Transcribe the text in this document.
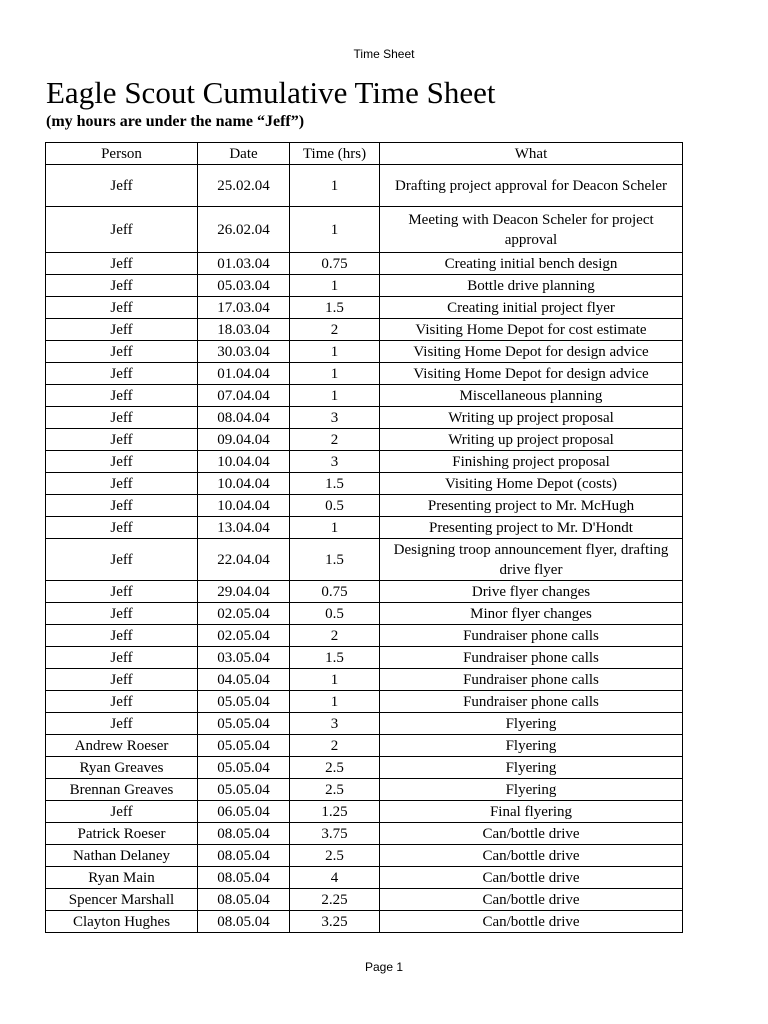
Time Sheet
Eagle Scout Cumulative Time Sheet
(my hours are under the name “Jeff”)
Person	Date	Time (hrs)	What
Jeff	25.02.04	1	Drafting project approval for Deacon Scheler
Jeff	26.02.04	1	Meeting with Deacon Scheler for project approval
Jeff	01.03.04	0.75	Creating initial bench design
Jeff	05.03.04	1	Bottle drive planning
Jeff	17.03.04	1.5	Creating initial project flyer
Jeff	18.03.04	2	Visiting Home Depot for cost estimate
Jeff	30.03.04	1	Visiting Home Depot for design advice
Jeff	01.04.04	1	Visiting Home Depot for design advice
Jeff	07.04.04	1	Miscellaneous planning
Jeff	08.04.04	3	Writing up project proposal
Jeff	09.04.04	2	Writing up project proposal
Jeff	10.04.04	3	Finishing project proposal
Jeff	10.04.04	1.5	Visiting Home Depot (costs)
Jeff	10.04.04	0.5	Presenting project to Mr. McHugh
Jeff	13.04.04	1	Presenting project to Mr. D'Hondt
Jeff	22.04.04	1.5	Designing troop announcement flyer, drafting drive flyer
Jeff	29.04.04	0.75	Drive flyer changes
Jeff	02.05.04	0.5	Minor flyer changes
Jeff	02.05.04	2	Fundraiser phone calls
Jeff	03.05.04	1.5	Fundraiser phone calls
Jeff	04.05.04	1	Fundraiser phone calls
Jeff	05.05.04	1	Fundraiser phone calls
Jeff	05.05.04	3	Flyering
Andrew Roeser	05.05.04	2	Flyering
Ryan Greaves	05.05.04	2.5	Flyering
Brennan Greaves	05.05.04	2.5	Flyering
Jeff	06.05.04	1.25	Final flyering
Patrick Roeser	08.05.04	3.75	Can/bottle drive
Nathan Delaney	08.05.04	2.5	Can/bottle drive
Ryan Main	08.05.04	4	Can/bottle drive
Spencer Marshall	08.05.04	2.25	Can/bottle drive
Clayton Hughes	08.05.04	3.25	Can/bottle drive
Page 1
